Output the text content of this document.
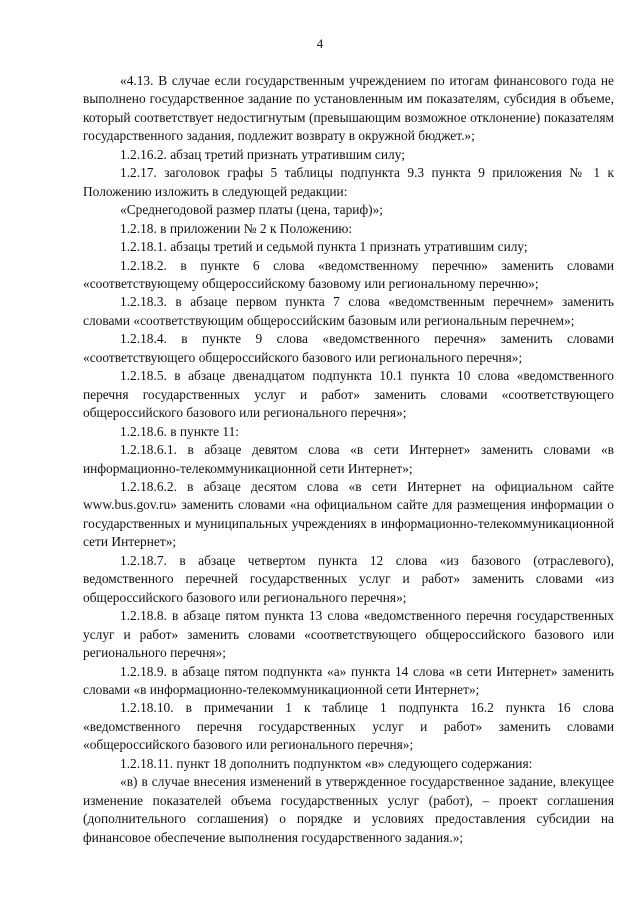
4

«4.13. В случае если государственным учреждением по итогам финансового года не выполнено государственное задание по установленным им показателям, субсидия в объеме, который соответствует недостигнутым (превышающим возможное отклонение) показателям государственного задания, подлежит возврату в окружной бюджет.»;

1.2.16.2. абзац третий признать утратившим силу;

1.2.17. заголовок графы 5 таблицы подпункта 9.3 пункта 9 приложения № 1 к Положению изложить в следующей редакции:

«Среднегодовой размер платы (цена, тариф)»;

1.2.18. в приложении № 2 к Положению:

1.2.18.1. абзацы третий и седьмой пункта 1 признать утратившим силу;

1.2.18.2. в пункте 6 слова «ведомственному перечню» заменить словами «соответствующему общероссийскому базовому или региональному перечню»;

1.2.18.3. в абзаце первом пункта 7 слова «ведомственным перечнем» заменить словами «соответствующим общероссийским базовым или региональным перечнем»;

1.2.18.4. в пункте 9 слова «ведомственного перечня» заменить словами «соответствующего общероссийского базового или регионального перечня»;

1.2.18.5. в абзаце двенадцатом подпункта 10.1 пункта 10 слова «ведомственного перечня государственных услуг и работ» заменить словами «соответствующего общероссийского базового или регионального перечня»;

1.2.18.6. в пункте 11:

1.2.18.6.1. в абзаце девятом слова «в сети Интернет» заменить словами «в информационно-телекоммуникационной сети Интернет»;

1.2.18.6.2. в абзаце десятом слова «в сети Интернет на официальном сайте www.bus.gov.ru» заменить словами «на официальном сайте для размещения информации о государственных и муниципальных учреждениях в информационно-телекоммуникационной сети Интернет»;

1.2.18.7. в абзаце четвертом пункта 12 слова «из базового (отраслевого), ведомственного перечней государственных услуг и работ» заменить словами «из общероссийского базового или регионального перечня»;

1.2.18.8. в абзаце пятом пункта 13 слова «ведомственного перечня государственных услуг и работ» заменить словами «соответствующего общероссийского базового или регионального перечня»;

1.2.18.9. в абзаце пятом подпункта «а» пункта 14 слова «в сети Интернет» заменить словами «в информационно-телекоммуникационной сети Интернет»;

1.2.18.10. в примечании 1 к таблице 1 подпункта 16.2 пункта 16 слова «ведомственного перечня государственных услуг и работ» заменить словами «общероссийского базового или регионального перечня»;

1.2.18.11. пункт 18 дополнить подпунктом «в» следующего содержания:

«в) в случае внесения изменений в утвержденное государственное задание, влекущее изменение показателей объема государственных услуг (работ), – проект соглашения (дополнительного соглашения) о порядке и условиях предоставления субсидии на финансовое обеспечение выполнения государственного задания.»;
